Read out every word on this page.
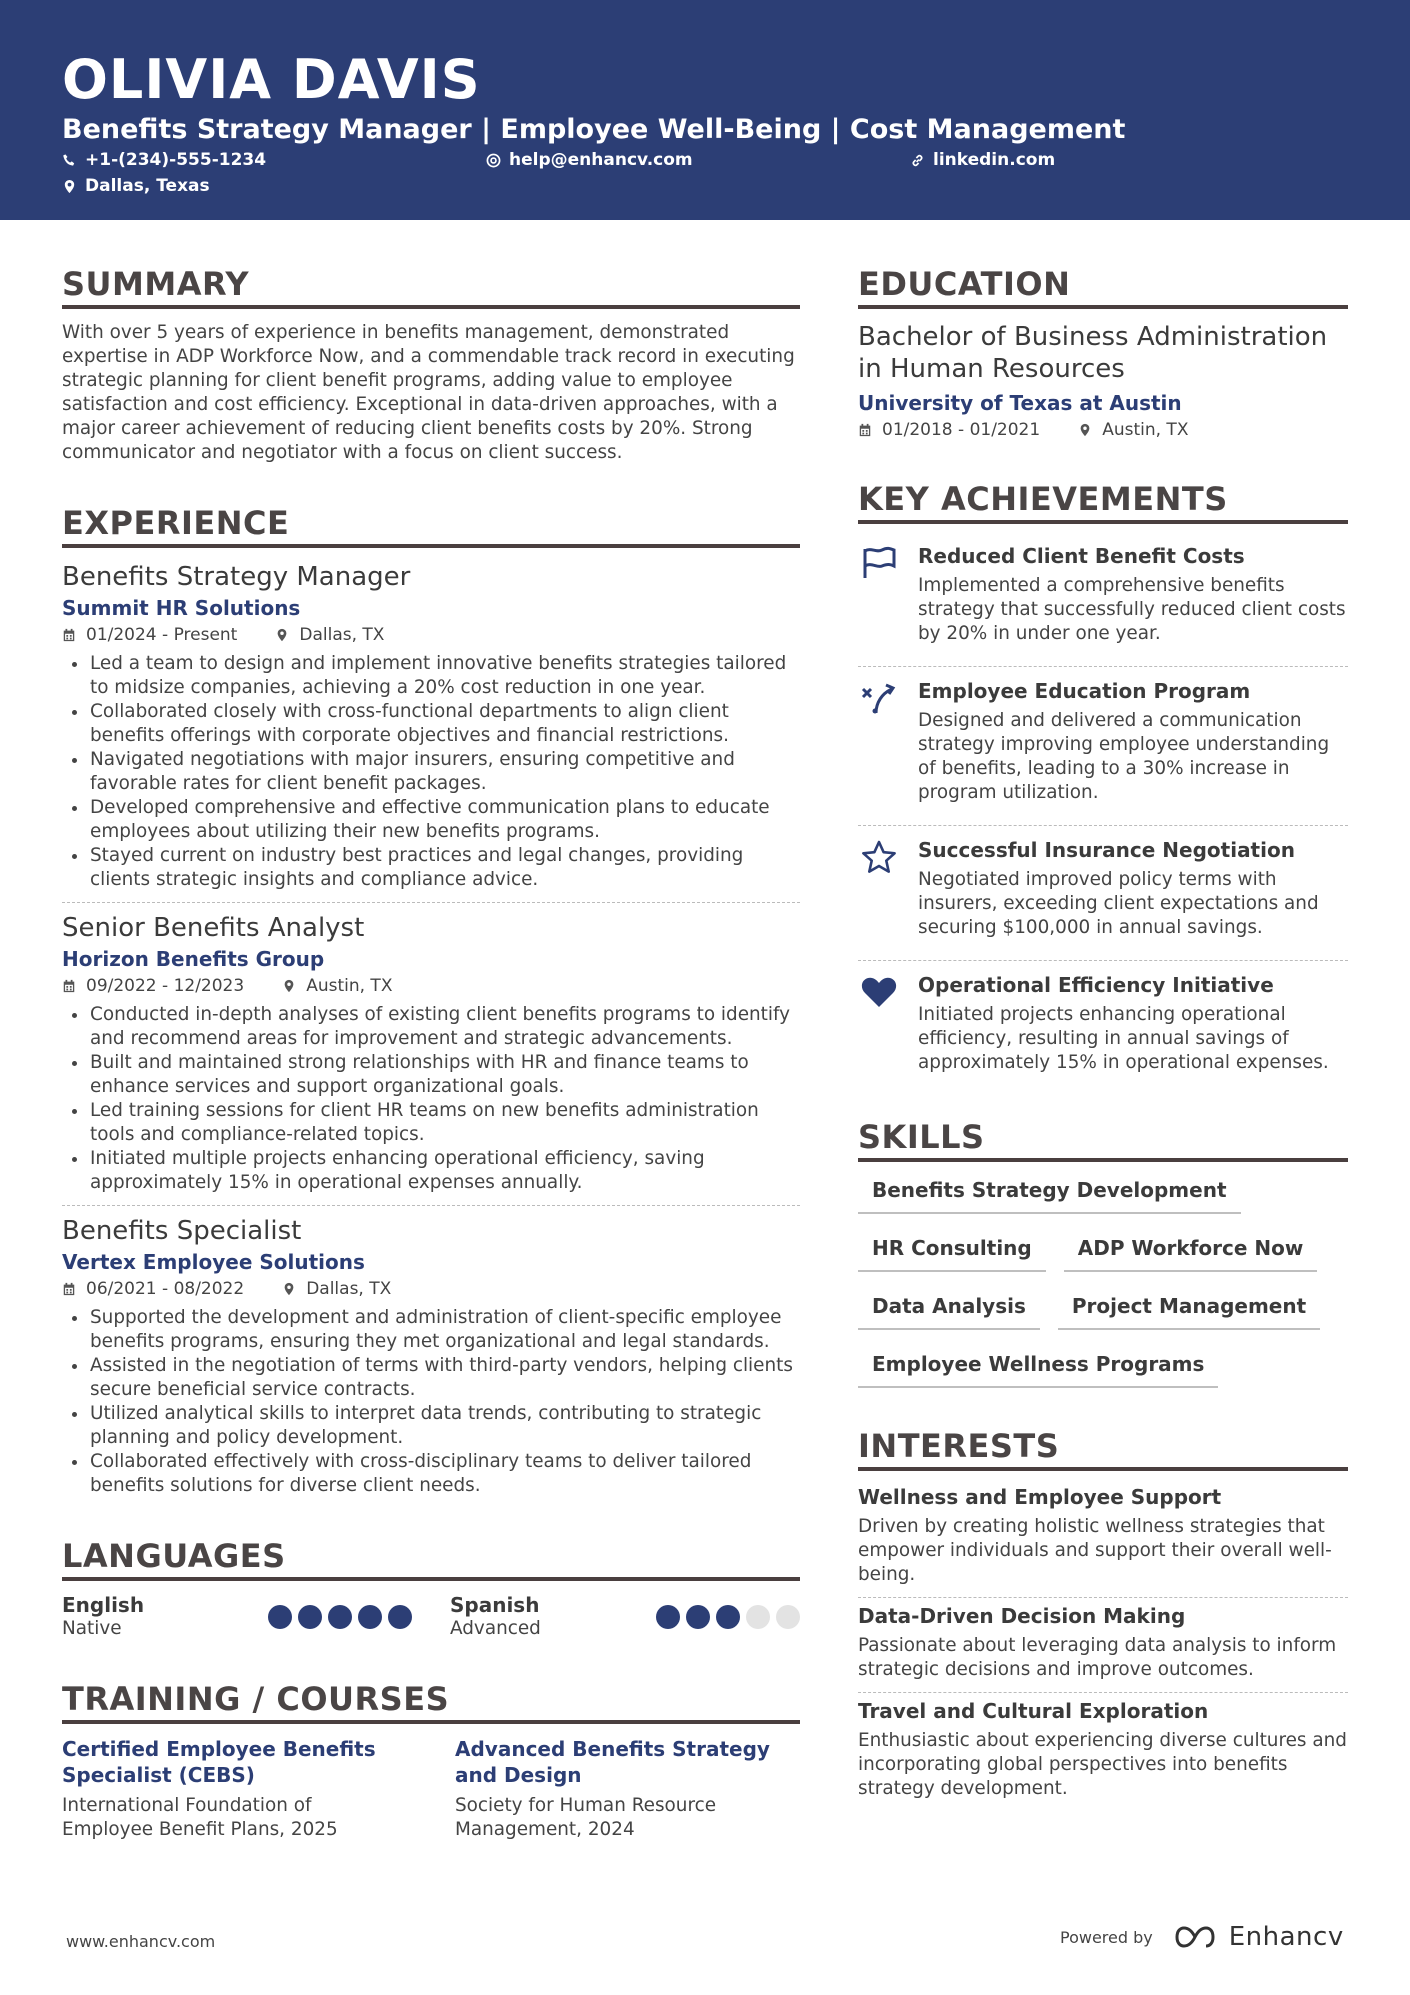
OLIVIA DAVIS
Benefits Strategy Manager | Employee Well-Being | Cost Management
+1-(234)-555-1234	help@enhancv.com	linkedin.com
Dallas, Texas
SUMMARY

With over 5 years of experience in benefits management, demonstrated expertise in ADP Workforce Now, and a commendable track record in executing strategic planning for client benefit programs, adding value to employee satisfaction and cost efficiency. Exceptional in data-driven approaches, with a major career achievement of reducing client benefits costs by 20%. Strong communicator and negotiator with a focus on client success.

EXPERIENCE
Benefits Strategy Manager
Summit HR Solutions
01/2024 - Present	Dallas, TX
Led a team to design and implement innovative benefits strategies tailored to midsize companies, achieving a 20% cost reduction in one year.
Collaborated closely with cross-functional departments to align client benefits offerings with corporate objectives and financial restrictions.
Navigated negotiations with major insurers, ensuring competitive and favorable rates for client benefit packages.
Developed comprehensive and effective communication plans to educate employees about utilizing their new benefits programs.
Stayed current on industry best practices and legal changes, providing clients strategic insights and compliance advice.
Senior Benefits Analyst
Horizon Benefits Group
09/2022 - 12/2023	Austin, TX
Conducted in-depth analyses of existing client benefits programs to identify and recommend areas for improvement and strategic advancements.
Built and maintained strong relationships with HR and finance teams to enhance services and support organizational goals.
Led training sessions for client HR teams on new benefits administration tools and compliance-related topics.
Initiated multiple projects enhancing operational efficiency, saving approximately 15% in operational expenses annually.
Benefits Specialist
Vertex Employee Solutions
06/2021 - 08/2022	Dallas, TX
Supported the development and administration of client-specific employee benefits programs, ensuring they met organizational and legal standards.
Assisted in the negotiation of terms with third-party vendors, helping clients secure beneficial service contracts.
Utilized analytical skills to interpret data trends, contributing to strategic planning and policy development.
Collaborated effectively with cross-disciplinary teams to deliver tailored benefits solutions for diverse client needs.
LANGUAGES
English
Native
Spanish
Advanced
TRAINING / COURSES
Certified Employee Benefits Specialist (CEBS)
International Foundation of Employee Benefit Plans, 2025
Advanced Benefits Strategy and Design
Society for Human Resource Management, 2024
EDUCATION
Bachelor of Business Administration in Human Resources
University of Texas at Austin
01/2018 - 01/2021	Austin, TX
KEY ACHIEVEMENTS
Reduced Client Benefit Costs
Implemented a comprehensive benefits strategy that successfully reduced client costs by 20% in under one year.
Employee Education Program
Designed and delivered a communication strategy improving employee understanding of benefits, leading to a 30% increase in program utilization.
Successful Insurance Negotiation
Negotiated improved policy terms with insurers, exceeding client expectations and securing $100,000 in annual savings.
Operational Efficiency Initiative
Initiated projects enhancing operational efficiency, resulting in annual savings of approximately 15% in operational expenses.
SKILLS
Benefits Strategy Development
HR Consulting	ADP Workforce Now
Data Analysis	Project Management
Employee Wellness Programs
INTERESTS
Wellness and Employee Support
Driven by creating holistic wellness strategies that empower individuals and support their overall well-being.
Data-Driven Decision Making
Passionate about leveraging data analysis to inform strategic decisions and improve outcomes.
Travel and Cultural Exploration
Enthusiastic about experiencing diverse cultures and incorporating global perspectives into benefits strategy development.
www.enhancv.com	Powered by	Enhancv
